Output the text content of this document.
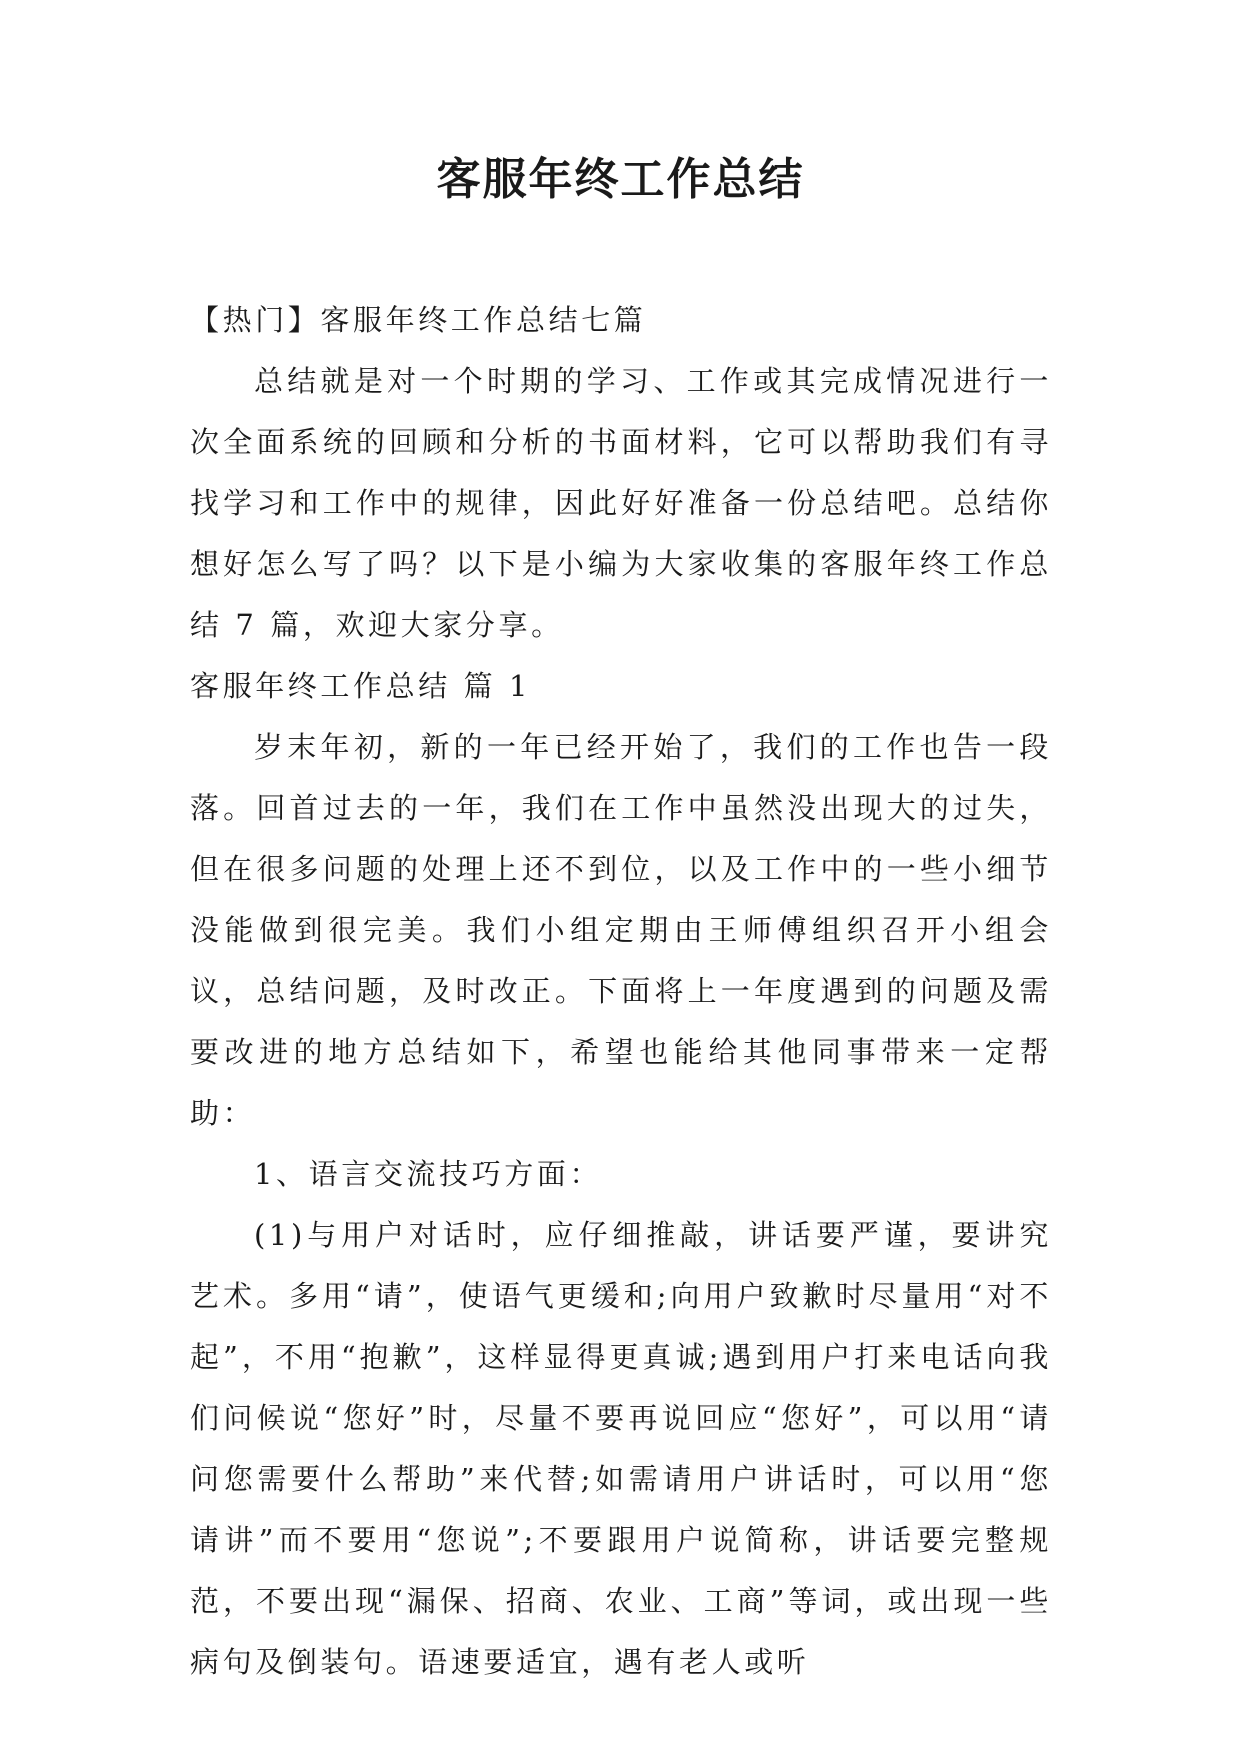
客服年终工作总结

【热门】客服年终工作总结七篇

总结就是对一个时期的学习、工作或其完成情况进行一次全面系统的回顾和分析的书面材料，它可以帮助我们有寻找学习和工作中的规律，因此好好准备一份总结吧。总结你想好怎么写了吗？以下是小编为大家收集的客服年终工作总结 7 篇，欢迎大家分享。

客服年终工作总结 篇 1

岁末年初，新的一年已经开始了，我们的工作也告一段落。回首过去的一年，我们在工作中虽然没出现大的过失，但在很多问题的处理上还不到位，以及工作中的一些小细节没能做到很完美。我们小组定期由王师傅组织召开小组会议，总结问题，及时改正。下面将上一年度遇到的问题及需要改进的地方总结如下，希望也能给其他同事带来一定帮助：

1、语言交流技巧方面：

(1)与用户对话时，应仔细推敲，讲话要严谨，要讲究艺术。多用“请”，使语气更缓和;向用户致歉时尽量用“对不起”，不用“抱歉”，这样显得更真诚;遇到用户打来电话向我们问候说“您好”时，尽量不要再说回应“您好”，可以用“请问您需要什么帮助”来代替;如需请用户讲话时，可以用“您请讲”而不要用“您说”;不要跟用户说简称，讲话要完整规范，不要出现“漏保、招商、农业、工商”等词，或出现一些病句及倒装句。语速要适宜，遇有老人或听
